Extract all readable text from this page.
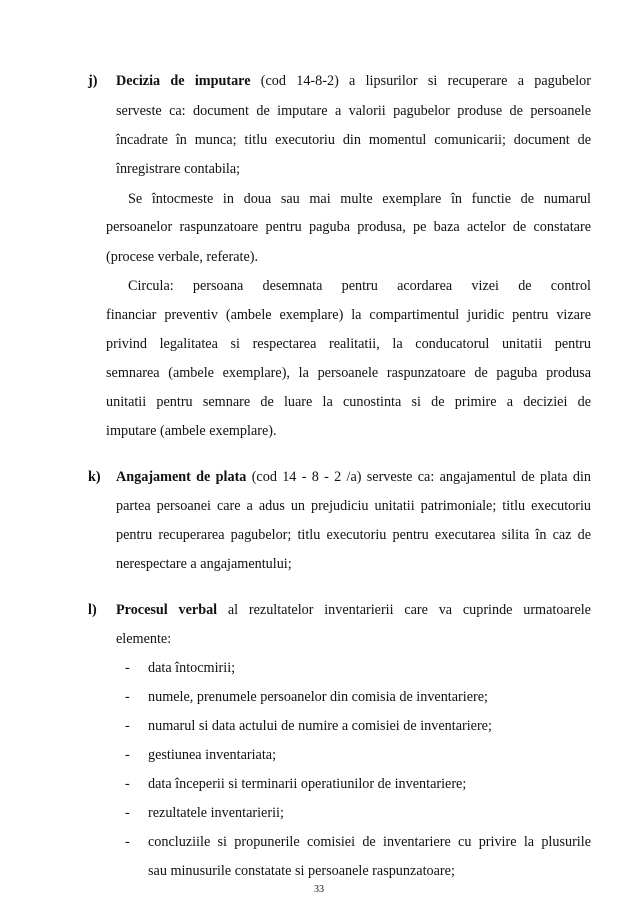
j) Decizia de imputare (cod 14-8-2) a lipsurilor si recuperare a pagubelor
serveste ca: document de imputare a valorii pagubelor produse de persoanele
încadrate în munca; titlu executoriu din momentul comunicarii; document de
înregistrare contabila;
Se întocmeste in doua sau mai multe exemplare în functie de numarul
persoanelor raspunzatoare pentru paguba produsa, pe baza actelor de constatare
(procese verbale, referate).
Circula: persoana desemnata pentru acordarea vizei de control
financiar preventiv (ambele exemplare) la compartimentul juridic pentru vizare
privind legalitatea si respectarea realitatii, la conducatorul unitatii pentru
semnarea (ambele exemplare), la persoanele raspunzatoare de paguba produsa
unitatii pentru semnare de luare la cunostinta si de primire a deciziei de
imputare (ambele exemplare).
k) Angajament de plata (cod 14 - 8 - 2 /a) serveste ca: angajamentul de plata din
partea persoanei care a adus un prejudiciu unitatii patrimoniale; titlu executoriu
pentru recuperarea pagubelor; titlu executoriu pentru executarea silita în caz de
nerespectare a angajamentului;
l) Procesul verbal al rezultatelor inventarierii care va cuprinde urmatoarele
elemente:
-	data întocmirii;
-	numele, prenumele persoanelor din comisia de inventariere;
-	numarul si data actului de numire a comisiei de inventariere;
-	gestiunea inventariata;
-	data începerii si terminarii operatiunilor de inventariere;
-	rezultatele inventarierii;
-	concluziile si propunerile comisiei de inventariere cu privire la plusurile
sau minusurile constatate si persoanele raspunzatoare;
33
